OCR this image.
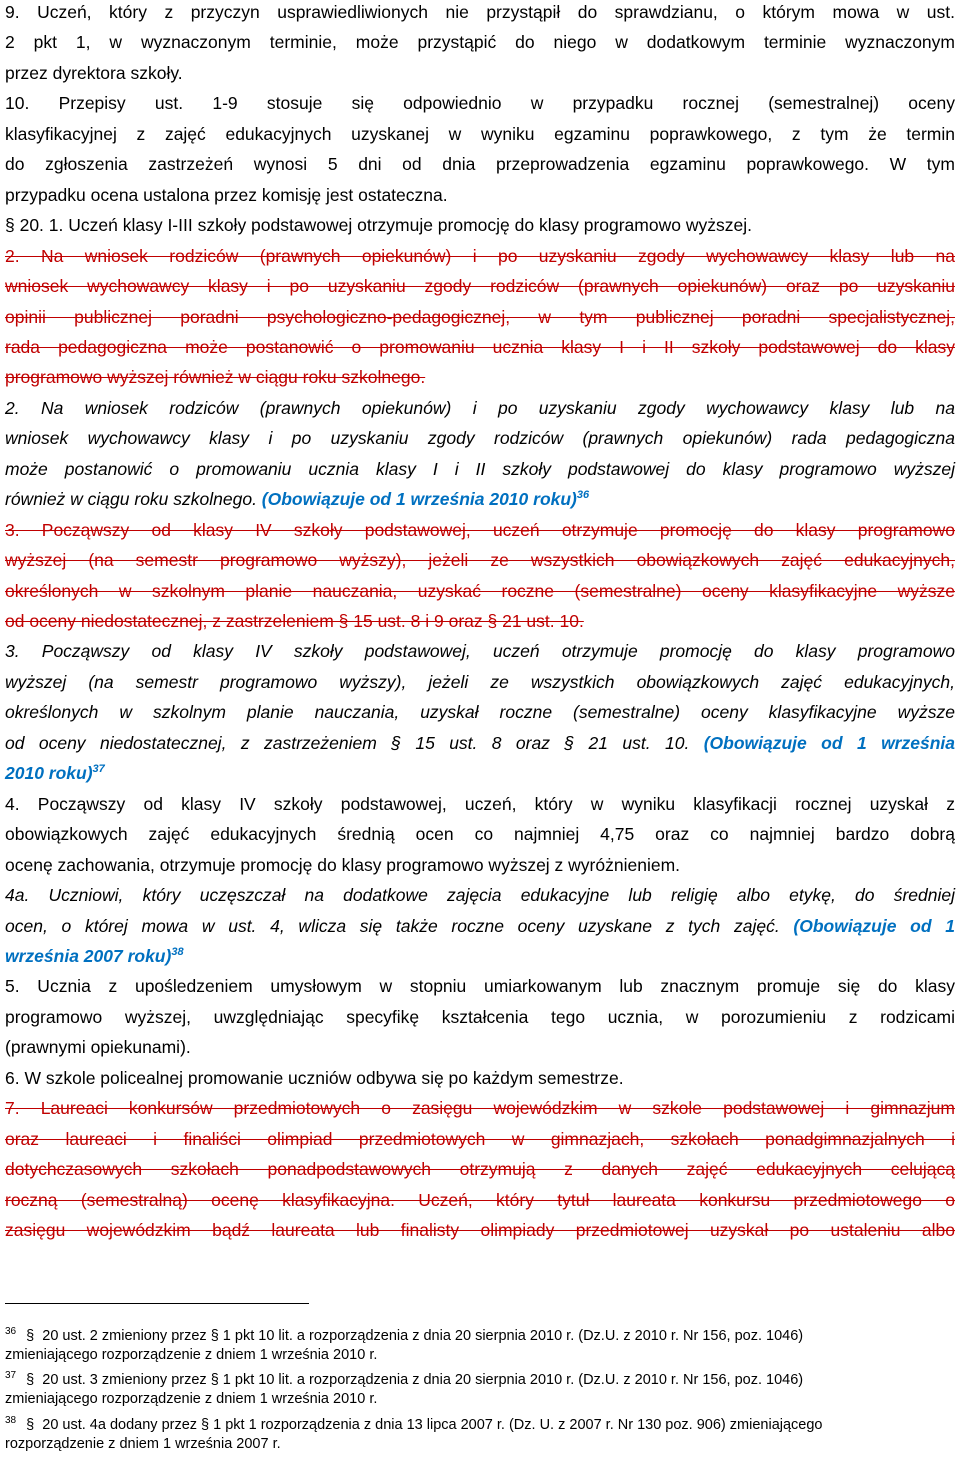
9. Uczeń, który z przyczyn usprawiedliwionych nie przystąpił do sprawdzianu, o którym mowa w ust.
2 pkt 1, w wyznaczonym terminie, może przystąpić do niego w dodatkowym terminie wyznaczonym
przez dyrektora szkoły.
10. Przepisy ust. 1-9 stosuje się odpowiednio w przypadku rocznej (semestralnej) oceny
klasyfikacyjnej z zajęć edukacyjnych uzyskanej w wyniku egzaminu poprawkowego, z tym że termin
do zgłoszenia zastrzeżeń wynosi 5 dni od dnia przeprowadzenia egzaminu poprawkowego. W tym
przypadku ocena ustalona przez komisję jest ostateczna.
§ 20. 1. Uczeń klasy I-III szkoły podstawowej otrzymuje promocję do klasy programowo wyższej.
2. Na wniosek rodziców (prawnych opiekunów) i po uzyskaniu zgody wychowawcy klasy lub na
wniosek wychowawcy klasy i po uzyskaniu zgody rodziców (prawnych opiekunów) oraz po uzyskaniu
opinii publicznej poradni psychologiczno-pedagogicznej, w tym publicznej poradni specjalistycznej,
rada pedagogiczna może postanowić o promowaniu ucznia klasy I i II szkoły podstawowej do klasy
programowo wyższej również w ciągu roku szkolnego.
2. Na wniosek rodziców (prawnych opiekunów) i po uzyskaniu zgody wychowawcy klasy lub na
wniosek wychowawcy klasy i po uzyskaniu zgody rodziców (prawnych opiekunów) rada pedagogiczna
może postanowić o promowaniu ucznia klasy I i II szkoły podstawowej do klasy programowo wyższej
również w ciągu roku szkolnego. (Obowiązuje od 1 września 2010 roku)$^{36}$
3. Począwszy od klasy IV szkoły podstawowej, uczeń otrzymuje promocję do klasy programowo
wyższej (na semestr programowo wyższy), jeżeli ze wszystkich obowiązkowych zajęć edukacyjnych,
określonych w szkolnym planie nauczania, uzyskać roczne (semestralne) oceny klasyfikacyjne wyższe
od oceny niedostatecznej, z zastrzeleniem § 15 ust. 8 i 9 oraz § 21 ust. 10.
3. Począwszy od klasy IV szkoły podstawowej, uczeń otrzymuje promocję do klasy programowo
wyższej (na semestr programowo wyższy), jeżeli ze wszystkich obowiązkowych zajęć edukacyjnych,
określonych w szkolnym planie nauczania, uzyskał roczne (semestralne) oceny klasyfikacyjne wyższe
od oceny niedostatecznej, z zastrzeżeniem § 15 ust. 8 oraz § 21 ust. 10. (Obowiązuje od 1 września
2010 roku)$^{37}$
4. Począwszy od klasy IV szkoły podstawowej, uczeń, który w wyniku klasyfikacji rocznej uzyskał z
obowiązkowych zajęć edukacyjnych średnią ocen co najmniej 4,75 oraz co najmniej bardzo dobrą
ocenę zachowania, otrzymuje promocję do klasy programowo wyższej z wyróżnieniem.
4a. Uczniowi, który uczęszczał na dodatkowe zajęcia edukacyjne lub religię albo etykę, do średniej
ocen, o której mowa w ust. 4, wlicza się także roczne oceny uzyskane z tych zajęć. (Obowiązuje od 1
września 2007 roku)$^{38}$
5. Ucznia z upośledzeniem umysłowym w stopniu umiarkowanym lub znacznym promuje się do klasy
programowo wyższej, uwzględniając specyfikę kształcenia tego ucznia, w porozumieniu z rodzicami
(prawnymi opiekunami).
6. W szkole policealnej promowanie uczniów odbywa się po każdym semestrze.
7. Laureaci konkursów przedmiotowych o zasięgu wojewódzkim w szkole podstawowej i gimnazjum
oraz laureaci i finaliści olimpiad przedmiotowych w gimnazjach, szkołach ponadgimnazjalnych i
dotychczasowych szkołach ponadpodstawowych otrzymują z danych zajęć edukacyjnych celującą
roczną (semestralną) ocenę klasyfikacyjna. Uczeń, który tytuł laureata konkursu przedmiotowego o
zasięgu wojewódzkim bądź laureata lub finalisty olimpiady przedmiotowej uzyskał po ustaleniu albo
$^{36}$ § 20 ust. 2 zmieniony przez § 1 pkt 10 lit. a rozporządzenia z dnia 20 sierpnia 2010 r. (Dz.U. z 2010 r. Nr 156, poz. 1046)
zmieniającego rozporządzenie z dniem 1 września 2010 r.
$^{37}$ § 20 ust. 3 zmieniony przez § 1 pkt 10 lit. a rozporządzenia z dnia 20 sierpnia 2010 r. (Dz.U. z 2010 r. Nr 156, poz. 1046)
zmieniającego rozporządzenie z dniem 1 września 2010 r.
$^{38}$ § 20 ust. 4a dodany przez § 1 pkt 1 rozporządzenia z dnia 13 lipca 2007 r. (Dz. U. z 2007 r. Nr 130 poz. 906) zmieniającego
rozporządzenie z dniem 1 września 2007 r.
